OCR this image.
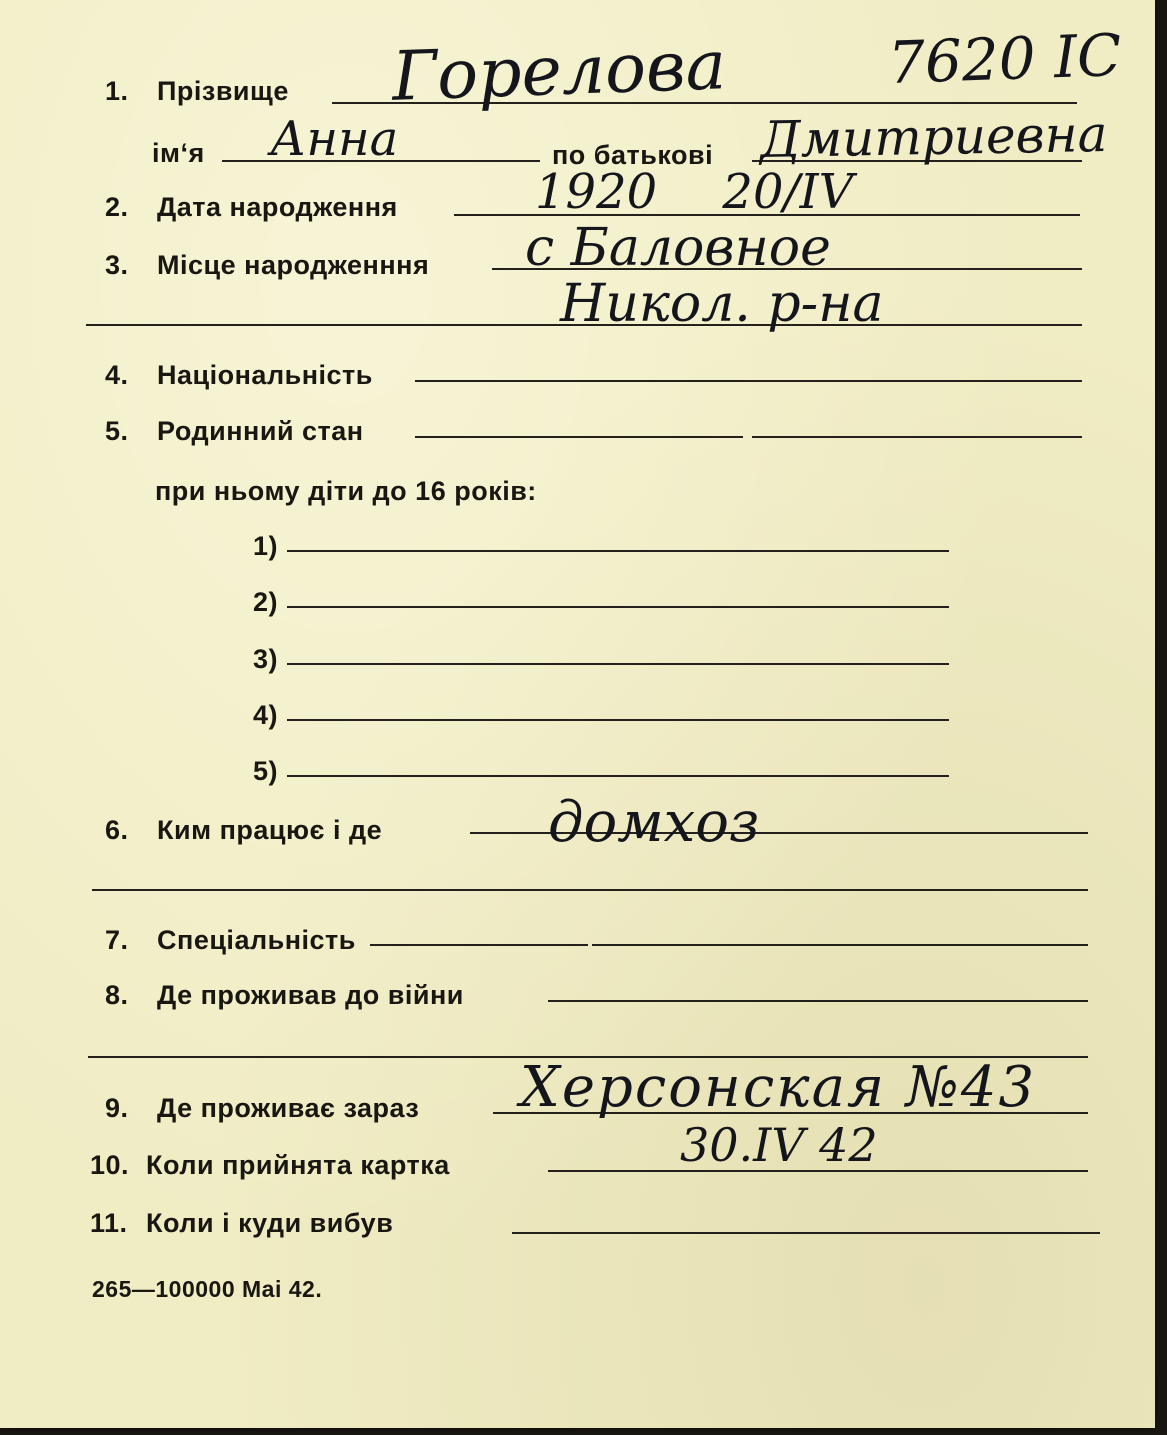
7620 ІС
1. Прізвище Горелова
ім‘я Анна	по батькові Дмитриевна
2. Дата народження	1920 20/IV
3. Місце народженння с Баловное
Никол. р-на
4. Національність
5. Родинний стан
при ньому діти до 16 років:
1)
2)
3)
4)
5)
6. Ким працює і де	домхоз
7. Спеціальність
8. Де проживав до війни
9. Де проживає зараз Херсонская №43
10. Коли прийнята картка	30.IV 42
11. Коли і куди вибув
265—100000 Mai 42.
